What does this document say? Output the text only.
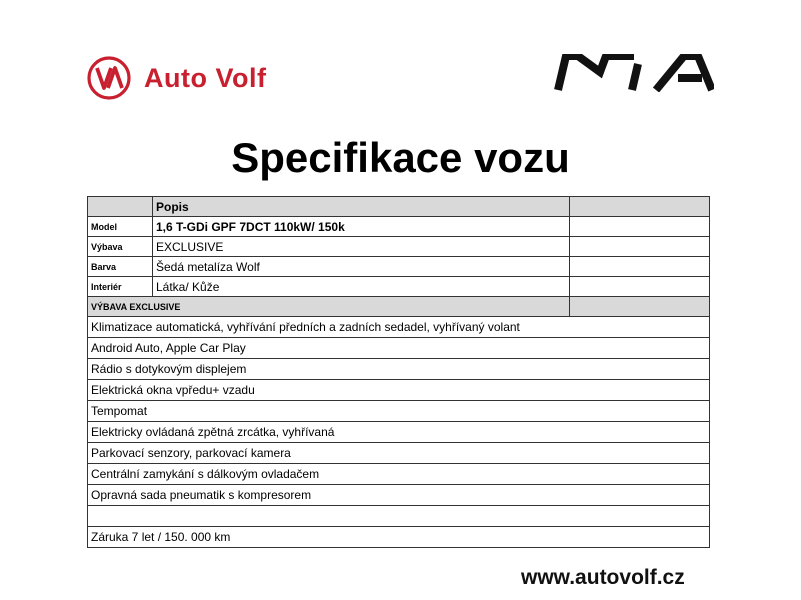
Auto Volf
Specifikace vozu
	Popis	
Model	1,6 T-GDi GPF 7DCT 110kW/ 150k	
Výbava	EXCLUSIVE	
Barva	Šedá metalíza Wolf	
Interiér	Látka/ Kůže	
VÝBAVA EXCLUSIVE		
Klimatizace automatická, vyhřívání předních a zadních sedadel, vyhřívaný volant		
Android Auto, Apple Car Play		
Rádio s dotykovým displejem		
Elektrická okna vpředu+ vzadu		
Tempomat		
Elektricky ovládaná zpětná zrcátka, vyhřívaná		
Parkovací senzory, parkovací kamera		
Centrální zamykání s dálkovým ovladačem		
Opravná sada pneumatik s kompresorem		

Záruka 7 let / 150. 000 km		
www.autovolf.cz
